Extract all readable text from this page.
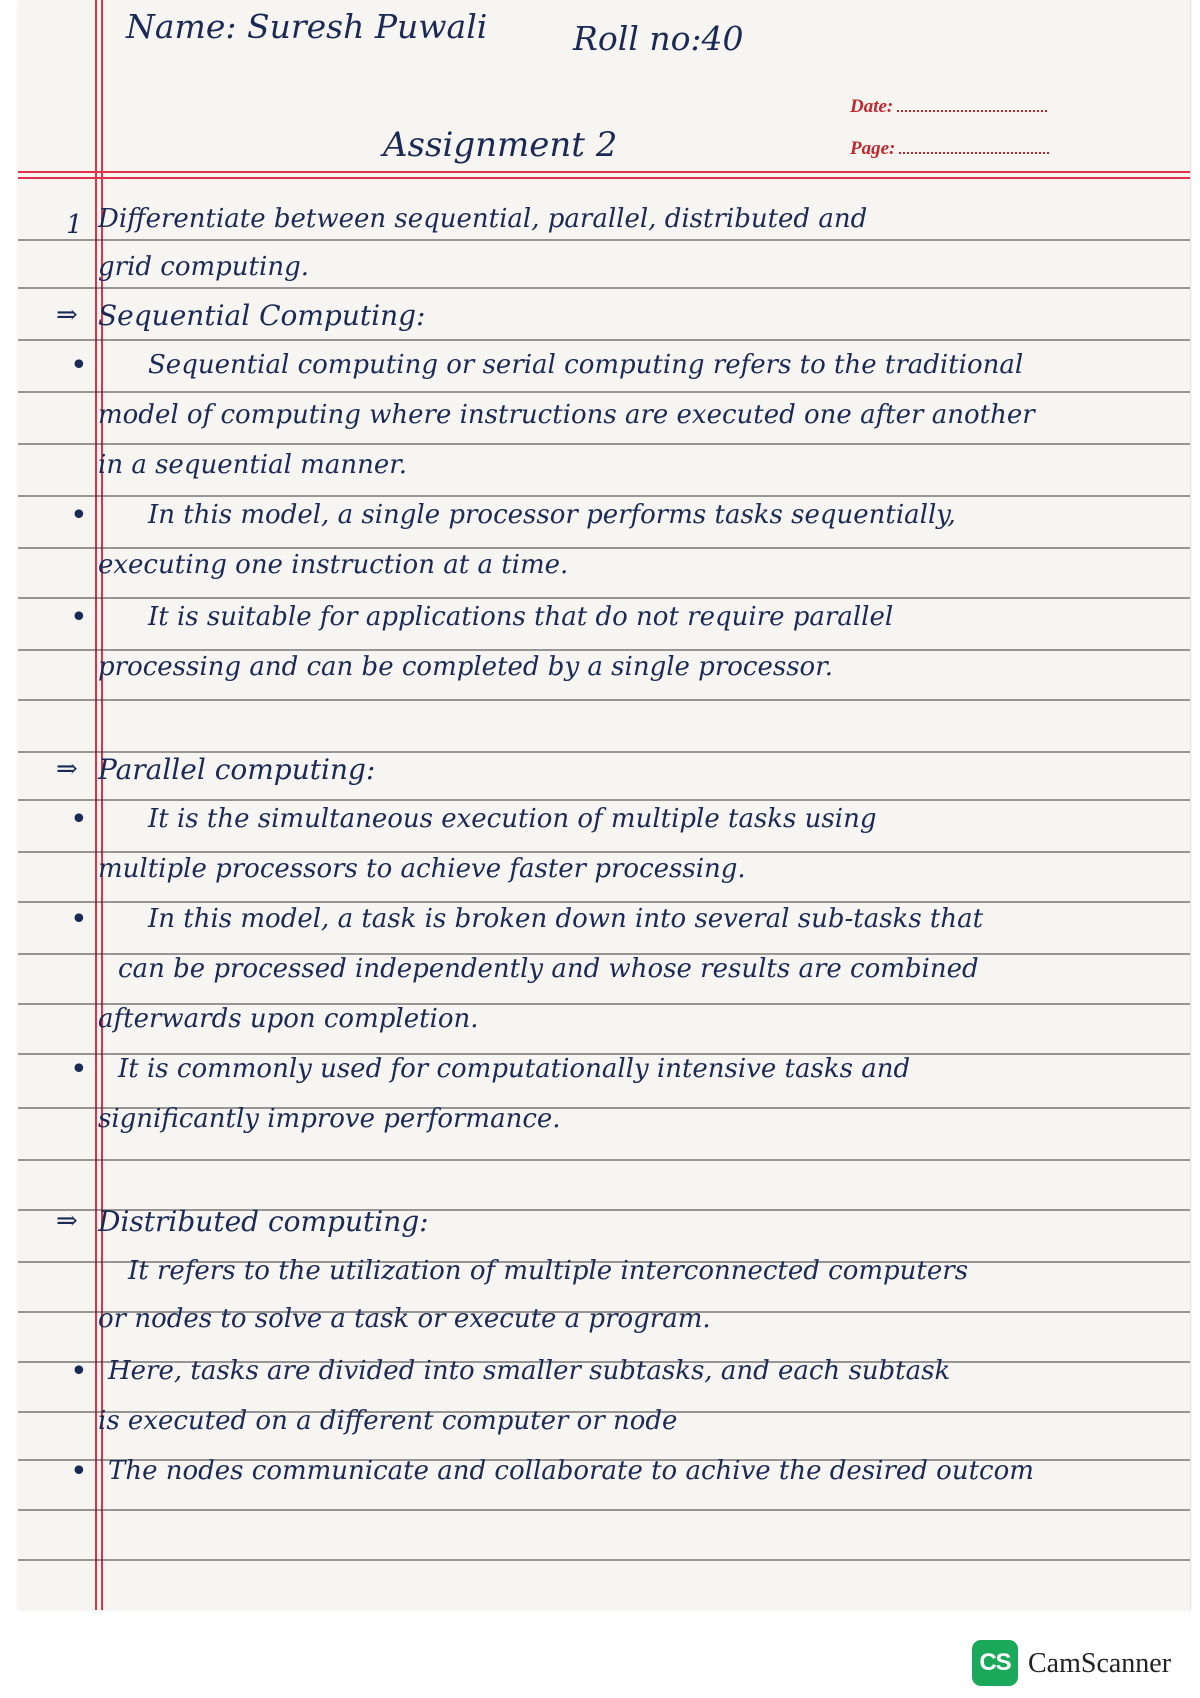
Name: Suresh Puwali	Roll no:40
Date:
Page:
Assignment 2
1 Differentiate between sequential, parallel, distributed and
grid computing.
⇒ Sequential Computing:
• Sequential computing or serial computing refers to the traditional
model of computing where instructions are executed one after another
in a sequential manner.
• In this model, a single processor performs tasks sequentially,
executing one instruction at a time.
• It is suitable for applications that do not require parallel
processing and can be completed by a single processor.
⇒ Parallel computing:
• It is the simultaneous execution of multiple tasks using
multiple processors to achieve faster processing.
• In this model, a task is broken down into several sub-tasks that
can be processed independently and whose results are combined
afterwards upon completion.
• It is commonly used for computationally intensive tasks and
significantly improve performance.
⇒ Distributed computing:
It refers to the utilization of multiple interconnected computers
or nodes to solve a task or execute a program.
• Here, tasks are divided into smaller subtasks, and each subtask
is executed on a different computer or node
• The nodes communicate and collaborate to achive the desired outcom
CS CamScanner
